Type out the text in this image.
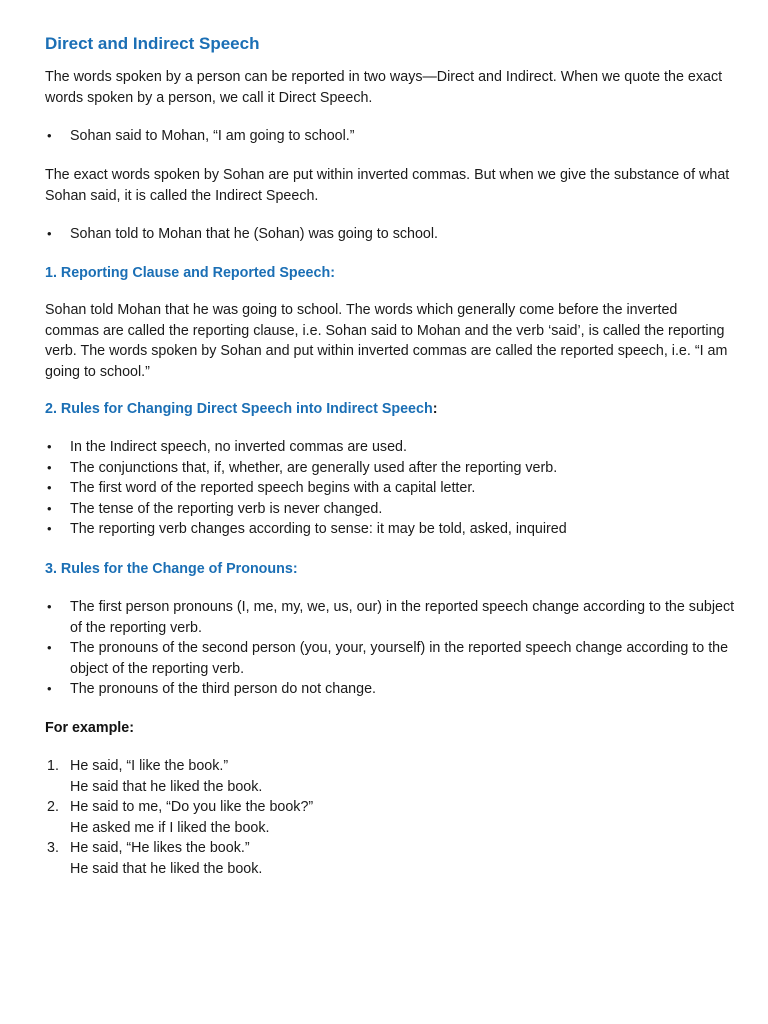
Direct and Indirect Speech

The words spoken by a person can be reported in two ways—Direct and Indirect. When we quote the exact words spoken by a person, we call it Direct Speech.

• Sohan said to Mohan, “I am going to school.”

The exact words spoken by Sohan are put within inverted commas. But when we give the substance of what Sohan said, it is called the Indirect Speech.

• Sohan told to Mohan that he (Sohan) was going to school.
1. Reporting Clause and Reported Speech:

Sohan told Mohan that he was going to school. The words which generally come before the inverted commas are called the reporting clause, i.e. Sohan said to Mohan and the verb ‘said’, is called the reporting verb. The words spoken by Sohan and put within inverted commas are called the reported speech, i.e. “I am going to school.”

2. Rules for Changing Direct Speech into Indirect Speech:
• In the Indirect speech, no inverted commas are used.
• The conjunctions that, if, whether, are generally used after the reporting verb.
• The first word of the reported speech begins with a capital letter.
• The tense of the reporting verb is never changed.
• The reporting verb changes according to sense: it may be told, asked, inquired
3. Rules for the Change of Pronouns:
• The first person pronouns (I, me, my, we, us, our) in the reported speech change according to the subject of the reporting verb.
• The pronouns of the second person (you, your, yourself) in the reported speech change according to the object of the reporting verb.
• The pronouns of the third person do not change.
For example:
1. He said, “I like the book.”
He said that he liked the book.
2. He said to me, “Do you like the book?”
He asked me if I liked the book.
3. He said, “He likes the book.”
He said that he liked the book.
